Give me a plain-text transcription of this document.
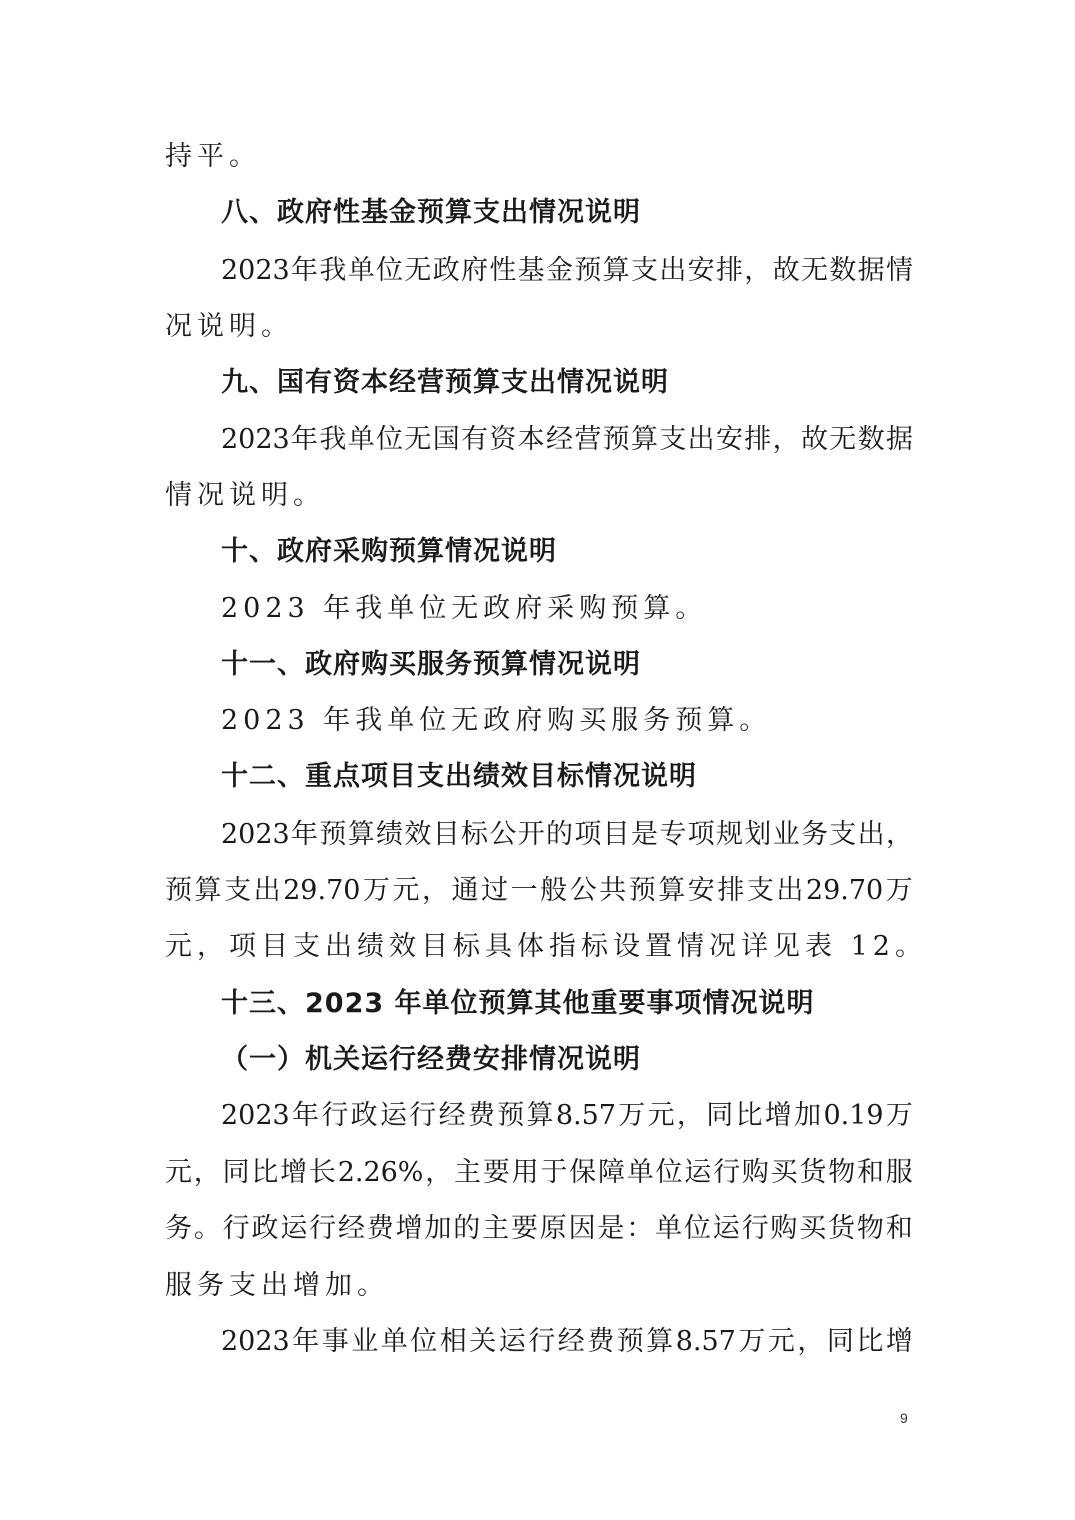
持平。
八、政府性基金预算支出情况说明
2023 年 我 单 位 无 政 府 性 基 金 预 算 支 出 安 排 ， 故 无 数 据 情
况说明。
九、国有资本经营预算支出情况说明
2023 年 我 单 位 无 国 有 资 本 经 营 预 算 支 出 安 排 ， 故 无 数 据
情况说明。
十、政府采购预算情况说明
2023 年我单位无政府采购预算。
十一、政府购买服务预算情况说明
2023 年我单位无政府购买服务预算。
十二、重点项目支出绩效目标情况说明
2023 年 预 算 绩 效 目 标 公 开 的 项 目 是 专 项 规 划 业 务 支 出 ，
预 算 支 出 29.70 万 元 ， 通 过 一 般 公 共 预 算 安 排 支 出 29.70 万
元，项目支出绩效目标具体指标设置情况详见表 12。
十三、2023 年单位预算其他重要事项情况说明
（一）机关运行经费安排情况说明
2023 年 行 政 运 行 经 费 预 算 8.57 万 元 ， 同 比 增 加 0.19 万
元 ， 同 比 增 长 2.26% ， 主 要 用 于 保 障 单 位 运 行 购 买 货 物 和 服
务 。 行 政 运 行 经 费 增 加 的 主 要 原 因 是 ： 单 位 运 行 购 买 货 物 和
服务支出增加。
2023 年 事 业 单 位 相 关 运 行 经 费 预 算 8.57 万 元 ， 同 比 增
9
